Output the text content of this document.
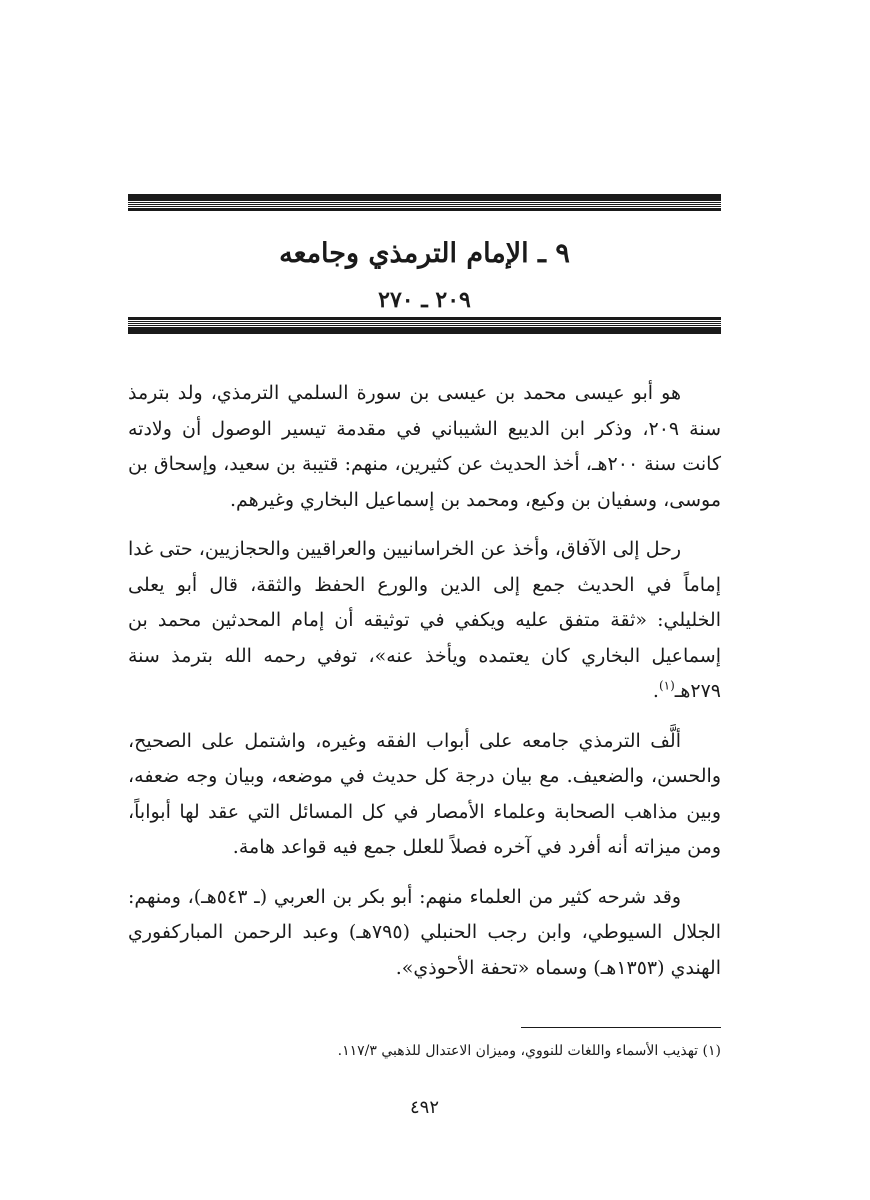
٩ ـ الإمام الترمذي وجامعه
٢٠٩ ـ ٢٧٠

هو أبو عيسى محمد بن عيسى بن سورة السلمي الترمذي، ولد بترمذ سنة ٢٠٩، وذكر ابن الديبع الشيباني في مقدمة تيسير الوصول أن ولادته كانت سنة ٢٠٠هـ، أخذ الحديث عن كثيرين، منهم: قتيبة بن سعيد، وإسحاق بن موسى، وسفيان بن وكيع، ومحمد بن إسماعيل البخاري وغيرهم.

رحل إلى الآفاق، وأخذ عن الخراسانيين والعراقيين والحجازيين، حتى غدا إماماً في الحديث جمع إلى الدين والورع الحفظ والثقة، قال أبو يعلى الخليلي: «ثقة متفق عليه ويكفي في توثيقه أن إمام المحدثين محمد بن إسماعيل البخاري كان يعتمده ويأخذ عنه»، توفي رحمه الله بترمذ سنة ٢٧٩هـ$^{(١)}$.

ألَّف الترمذي جامعه على أبواب الفقه وغيره، واشتمل على الصحيح، والحسن، والضعيف. مع بيان درجة كل حديث في موضعه، وبيان وجه ضعفه، وبين مذاهب الصحابة وعلماء الأمصار في كل المسائل التي عقد لها أبواباً، ومن ميزاته أنه أفرد في آخره فصلاً للعلل جمع فيه قواعد هامة.

وقد شرحه كثير من العلماء منهم: أبو بكر بن العربي (ـ ٥٤٣هـ)، ومنهم: الجلال السيوطي، وابن رجب الحنبلي (٧٩٥هـ) وعبد الرحمن المباركفوري الهندي (١٣٥٣هـ) وسماه «تحفة الأحوذي».

(١) تهذيب الأسماء واللغات للنووي، وميزان الاعتدال للذهبي ١١٧/٣.
٤٩٢
